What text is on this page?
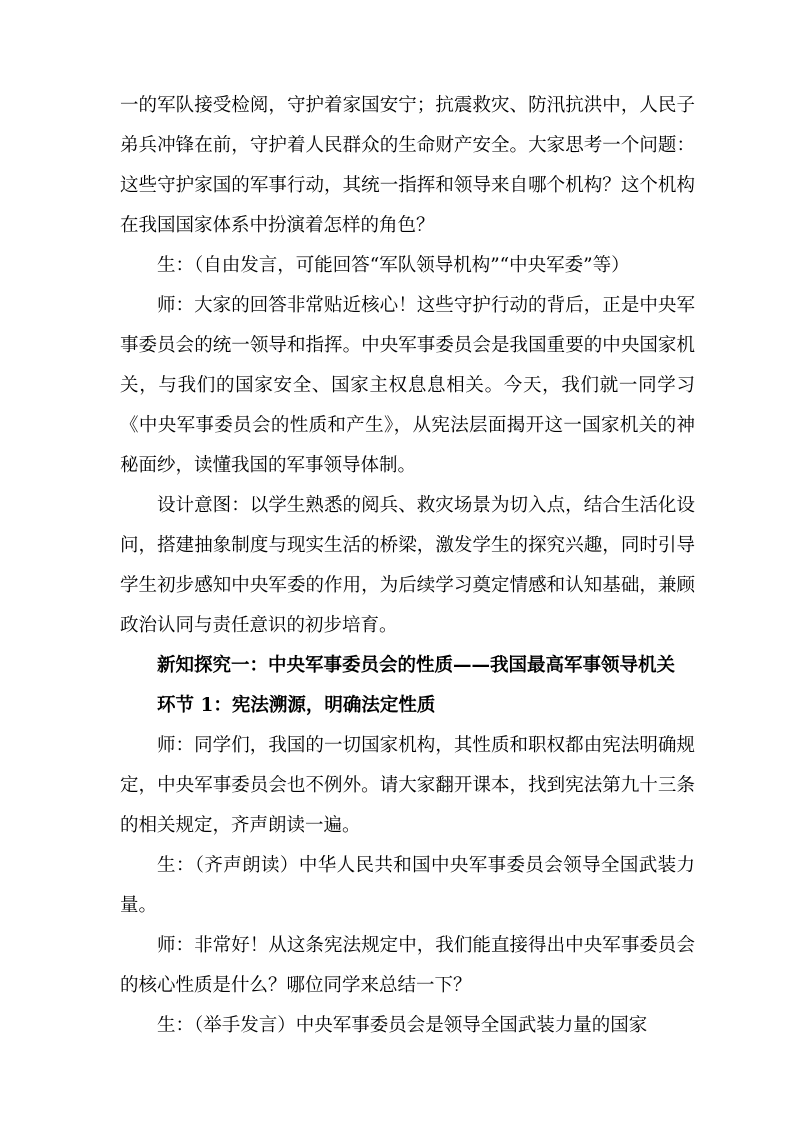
一的军队接受检阅，守护着家国安宁；抗震救灾、防汛抗洪中，人民子弟兵冲锋在前，守护着人民群众的生命财产安全。大家思考一个问题：这些守护家国的军事行动，其统一指挥和领导来自哪个机构？这个机构在我国国家体系中扮演着怎样的角色？

生：（自由发言，可能回答“军队领导机构”“中央军委”等）

师：大家的回答非常贴近核心！这些守护行动的背后，正是中央军事委员会的统一领导和指挥。中央军事委员会是我国重要的中央国家机关，与我们的国家安全、国家主权息息相关。今天，我们就一同学习《中央军事委员会的性质和产生》，从宪法层面揭开这一国家机关的神秘面纱，读懂我国的军事领导体制。

设计意图：以学生熟悉的阅兵、救灾场景为切入点，结合生活化设问，搭建抽象制度与现实生活的桥梁，激发学生的探究兴趣，同时引导学生初步感知中央军委的作用，为后续学习奠定情感和认知基础，兼顾政治认同与责任意识的初步培育。

新知探究一：中央军事委员会的性质——我国最高军事领导机关

环节 1：宪法溯源，明确法定性质

师：同学们，我国的一切国家机构，其性质和职权都由宪法明确规定，中央军事委员会也不例外。请大家翻开课本，找到宪法第九十三条的相关规定，齐声朗读一遍。

生：（齐声朗读）中华人民共和国中央军事委员会领导全国武装力量。

师：非常好！从这条宪法规定中，我们能直接得出中央军事委员会的核心性质是什么？哪位同学来总结一下？

生：（举手发言）中央军事委员会是领导全国武装力量的国家
